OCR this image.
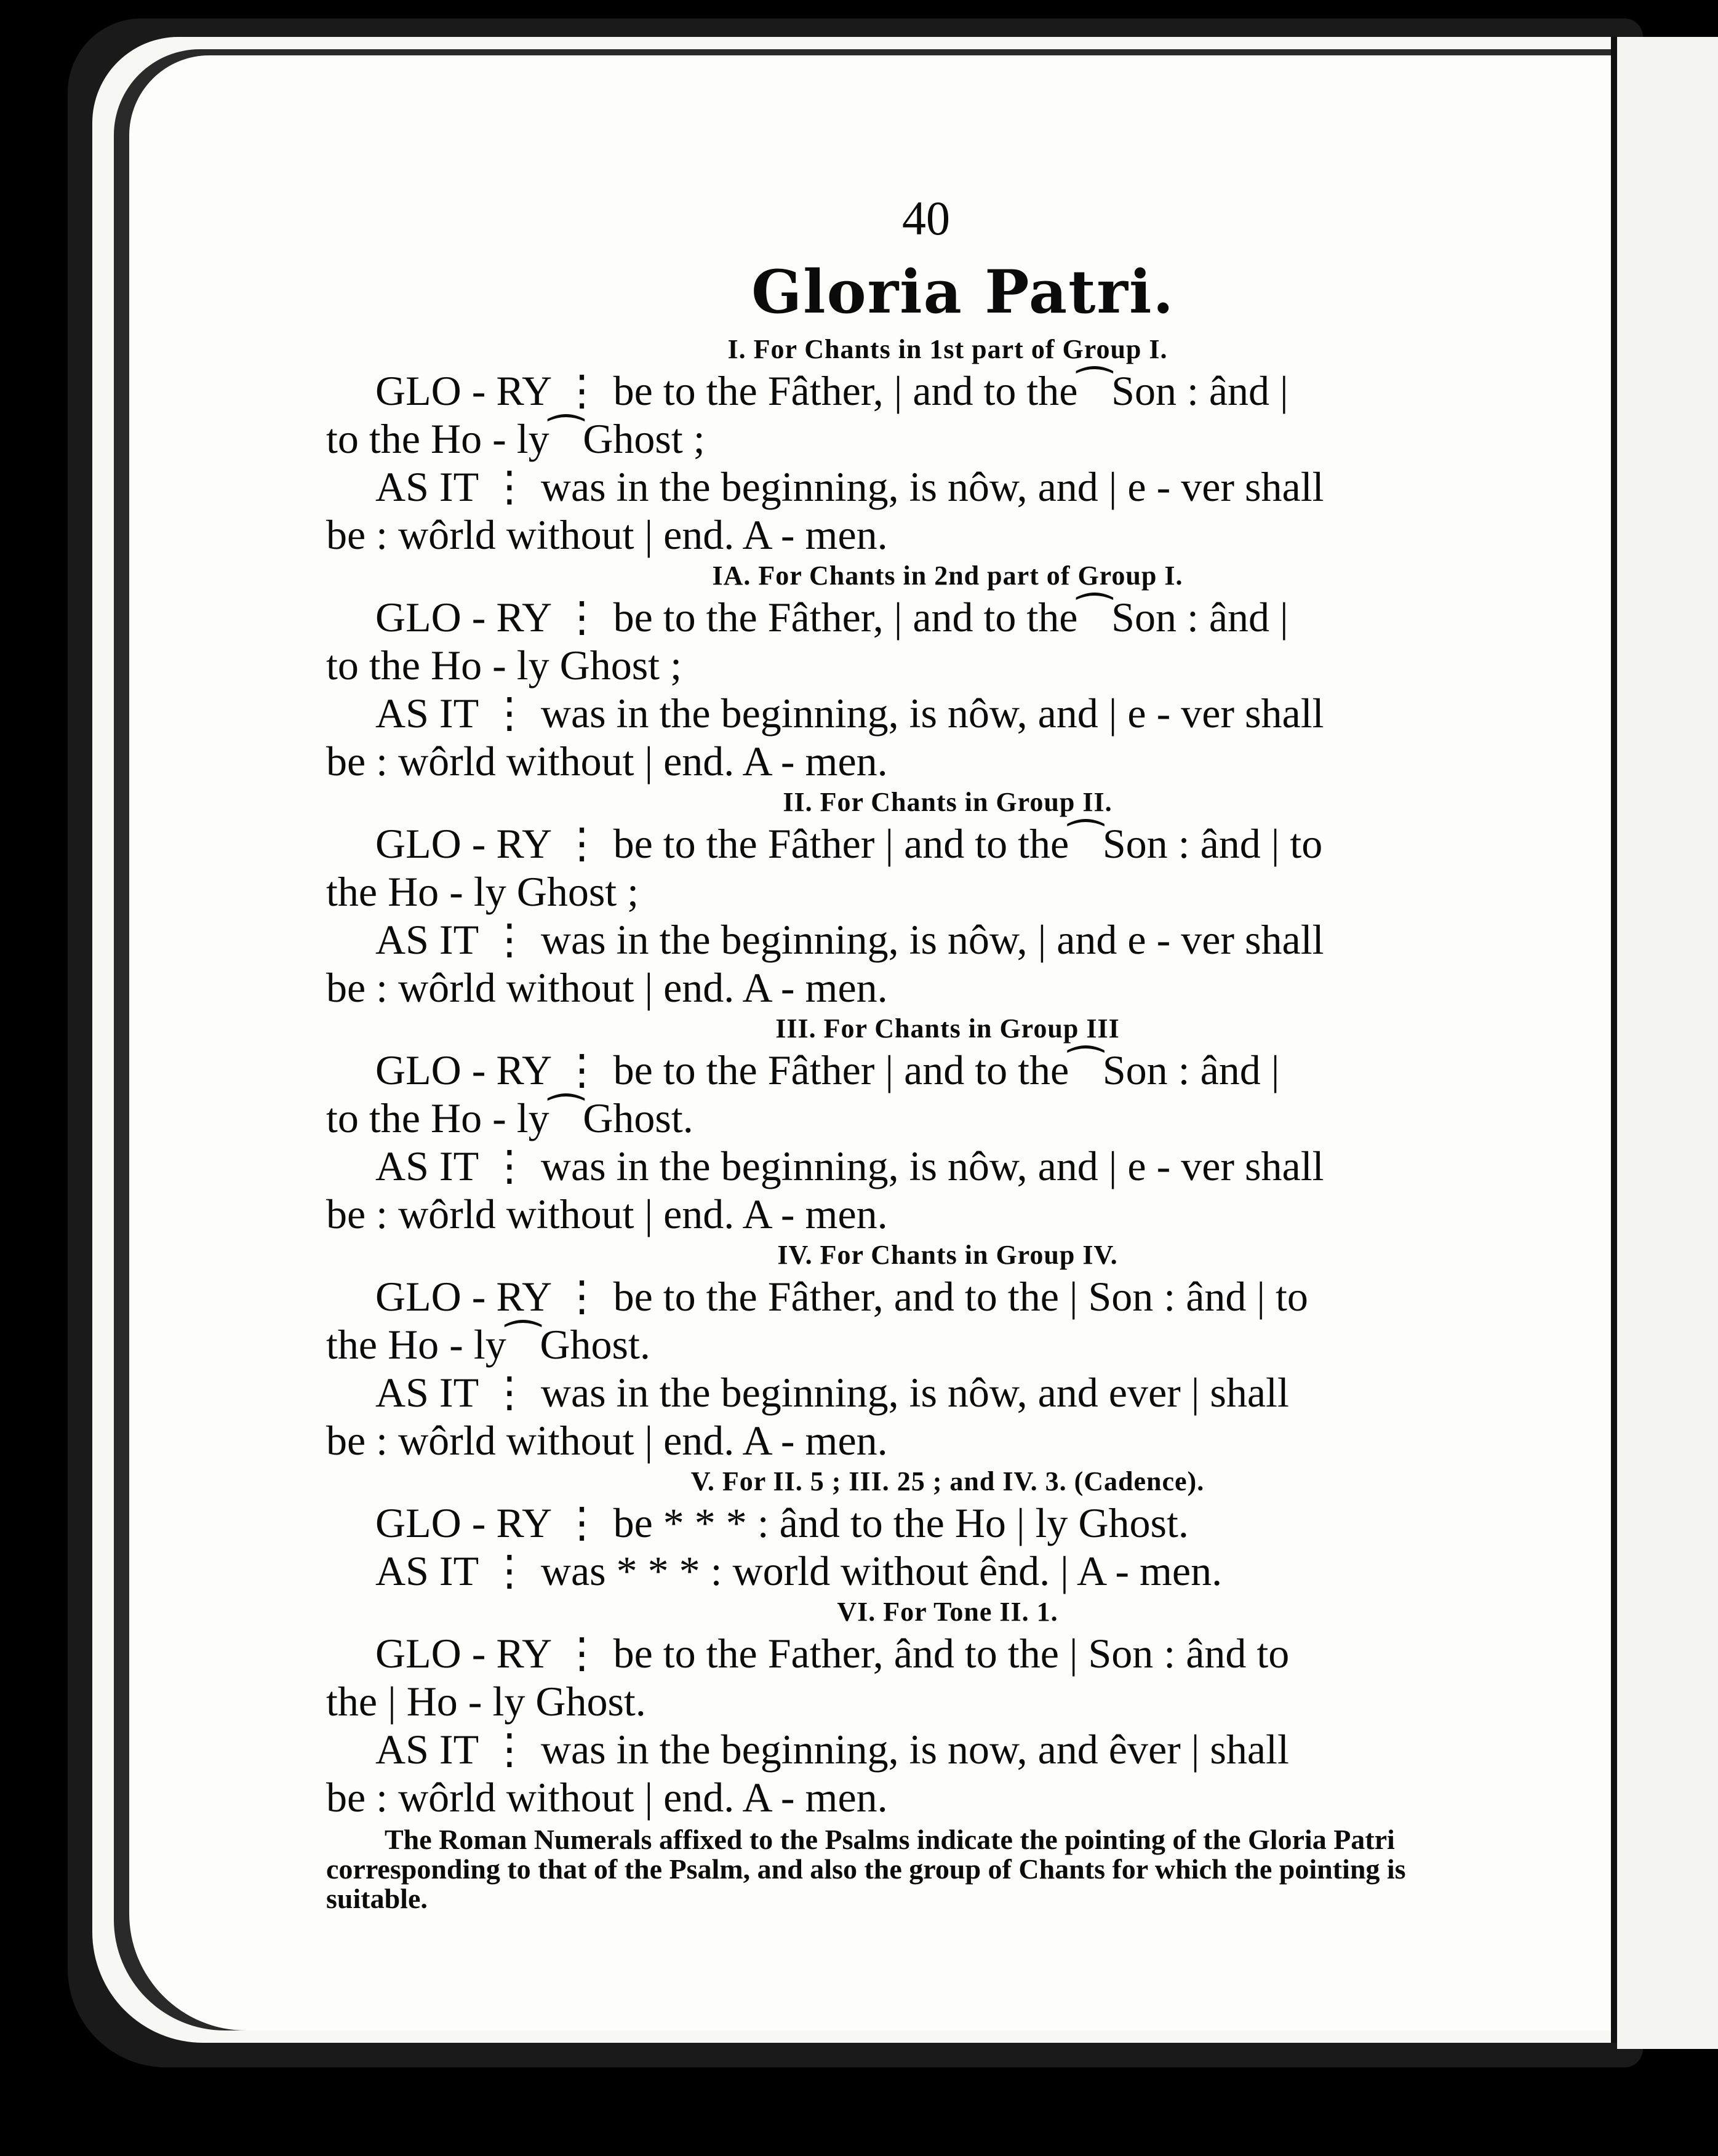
40
Gloria Patri.
I. For Chants in 1st part of Group I.
GLO - RY ⋮ be to the Fâther, | and to the⁀Son : ând |
to the Ho - ly⁀Ghost ;
AS IT ⋮ was in the beginning, is nôw, and | e - ver shall
be : wôrld without | end. A - men.
IA. For Chants in 2nd part of Group I.
GLO - RY ⋮ be to the Fâther, | and to the⁀Son : ând |
to the Ho - ly Ghost ;
AS IT ⋮ was in the beginning, is nôw, and | e - ver shall
be : wôrld without | end. A - men.
II. For Chants in Group II.
GLO - RY ⋮ be to the Fâther | and to the⁀Son : ând | to
the Ho - ly Ghost ;
AS IT ⋮ was in the beginning, is nôw, | and e - ver shall
be : wôrld without | end. A - men.
III. For Chants in Group III
GLO - RY ⋮ be to the Fâther | and to the⁀Son : ând |
to the Ho - ly⁀Ghost.
AS IT ⋮ was in the beginning, is nôw, and | e - ver shall
be : wôrld without | end. A - men.
IV. For Chants in Group IV.
GLO - RY ⋮ be to the Fâther, and to the | Son : ând | to
the Ho - ly⁀Ghost.
AS IT ⋮ was in the beginning, is nôw, and ever | shall
be : wôrld without | end. A - men.
V. For II. 5 ; III. 25 ; and IV. 3. (Cadence).
GLO - RY ⋮ be * * * : ând to the Ho | ly Ghost.
AS IT ⋮ was * * * : world without ênd. | A - men.
VI. For Tone II. 1.
GLO - RY ⋮ be to the Father, ând to the | Son : ând to
the | Ho - ly Ghost.
AS IT ⋮ was in the beginning, is now, and êver | shall
be : wôrld without | end. A - men.
The Roman Numerals affixed to the Psalms indicate the pointing of the Gloria Patri corresponding to that of the Psalm, and also the group of Chants for which the pointing is suitable.
